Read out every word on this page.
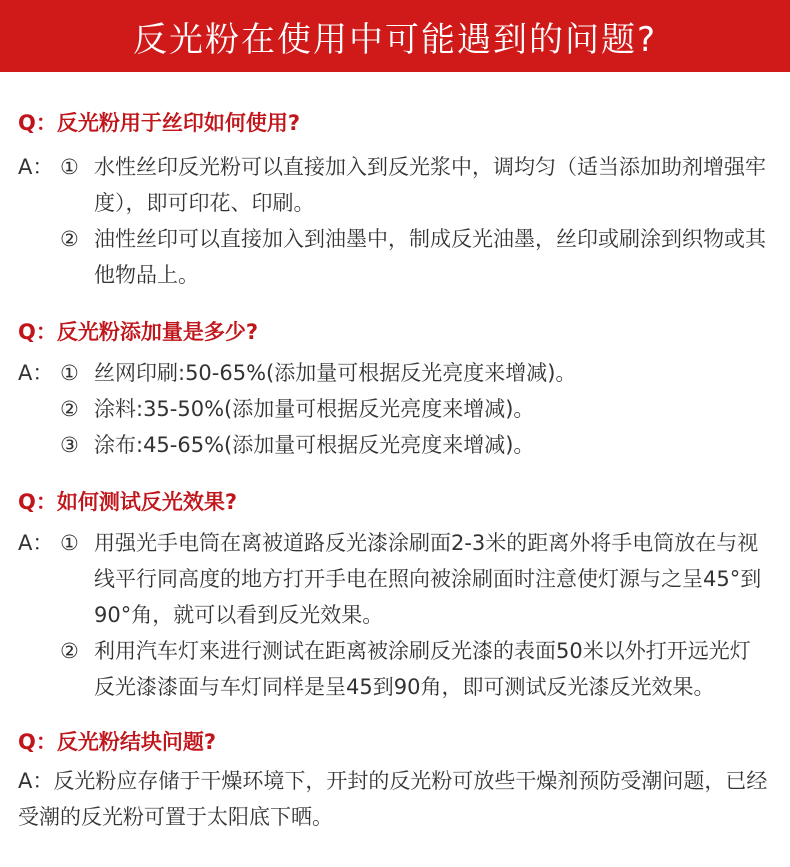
反光粉在使用中可能遇到的问题?

Q：反光粉用于丝印如何使用?

A： ① 水性丝印反光粉可以直接加入到反光浆中，调均匀（适当添加助剂增强牢度），即可印花、印刷。
② 油性丝印可以直接加入到油墨中，制成反光油墨，丝印或刷涂到织物或其他物品上。

Q：反光粉添加量是多少?

A： ① 丝网印刷:50-65%(添加量可根据反光亮度来增减)。
② 涂料:35-50%(添加量可根据反光亮度来增减)。
③ 涂布:45-65%(添加量可根据反光亮度来增减)。

Q：如何测试反光效果?

A： ① 用强光手电筒在离被道路反光漆涂刷面2-3米的距离外将手电筒放在与视线平行同高度的地方打开手电在照向被涂刷面时注意使灯源与之呈45°到90°角，就可以看到反光效果。
② 利用汽车灯来进行测试在距离被涂刷反光漆的表面50米以外打开远光灯反光漆漆面与车灯同样是呈45到90角，即可测试反光漆反光效果。

Q：反光粉结块问题?

A：反光粉应存储于干燥环境下，开封的反光粉可放些干燥剂预防受潮问题，已经受潮的反光粉可置于太阳底下晒。
